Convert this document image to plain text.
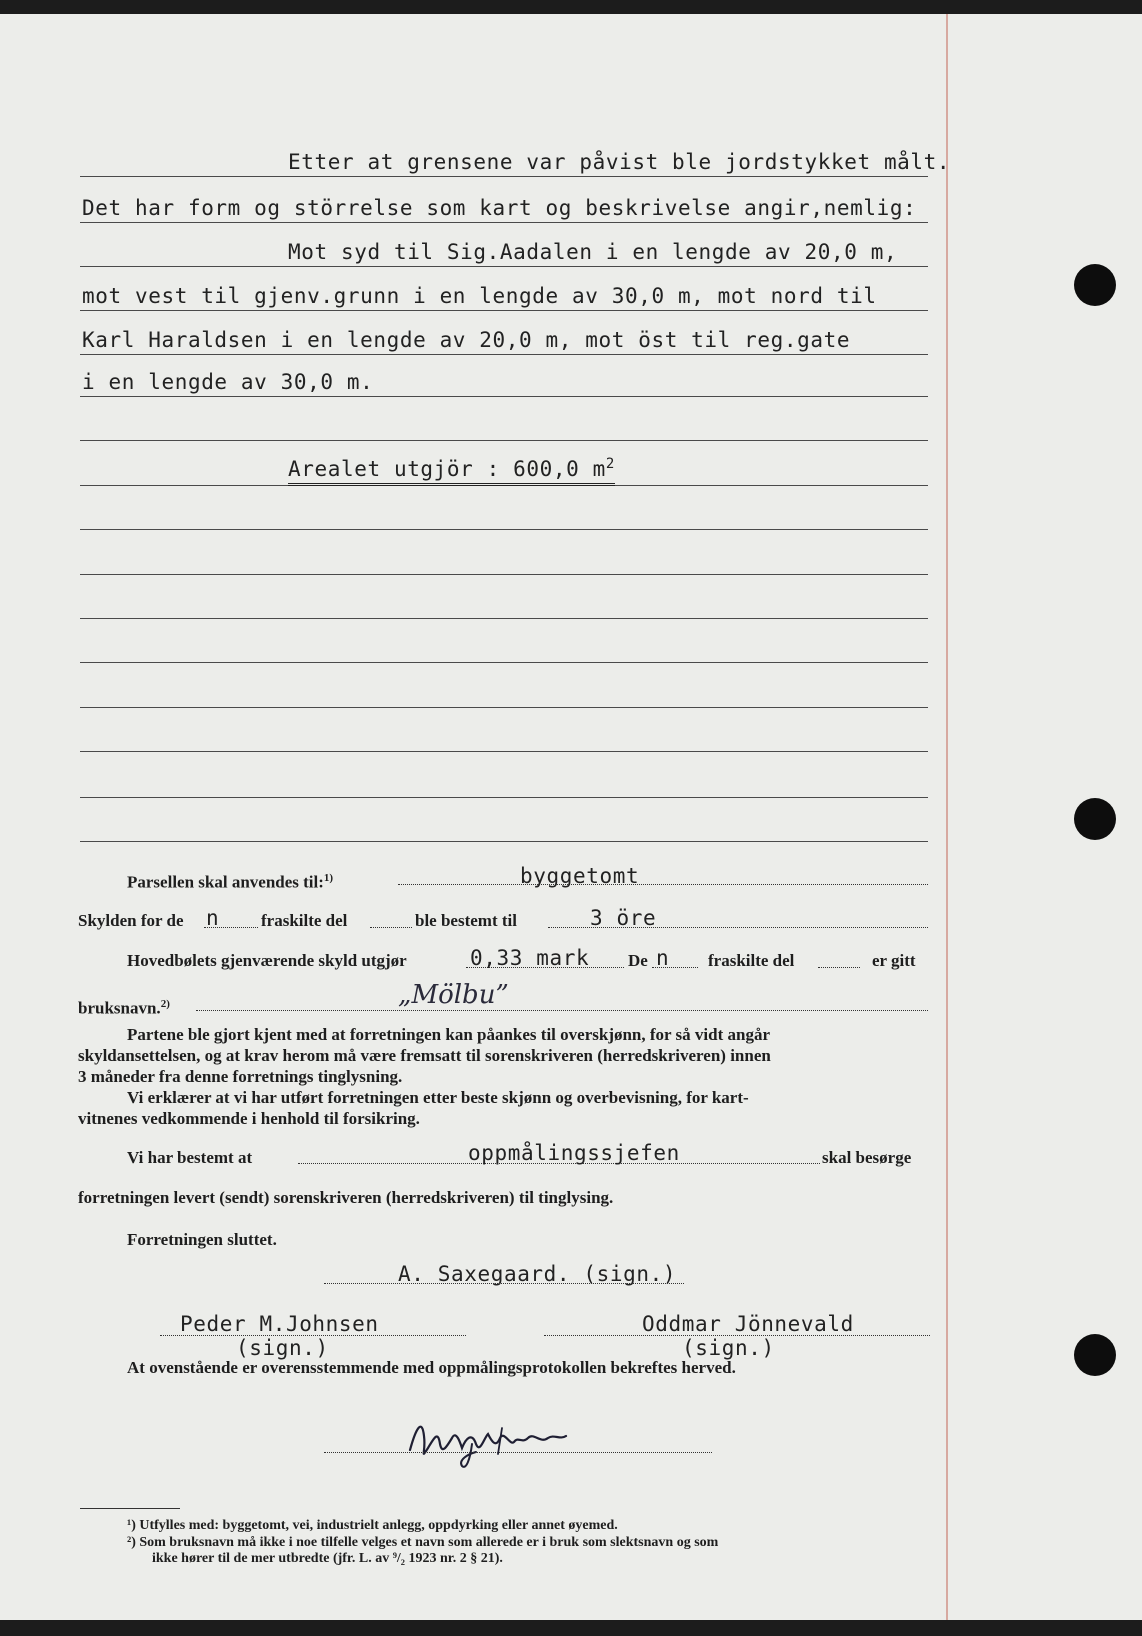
Etter at grensene var påvist ble jordstykket målt.
Det har form og störrelse som kart og beskrivelse angir,nemlig:
Mot syd til Sig.Aadalen i en lengde av 20,0 m,
mot vest til gjenv.grunn i en lengde av 30,0 m, mot nord til
Karl Haraldsen i en lengde av 20,0 m, mot öst til reg.gate
i en lengde av 30,0 m.
Arealet utgjör : 600,0 $m^2$
Parsellen skal anvendes til:$^{1)}$	byggetomt
Skylden for de n fraskilte del	ble bestemt til	3 öre
Hovedbølets gjenværende skyld utgjør	0,33 mark De n fraskilte del	er gitt
bruksnavn.$^{2)}$	„Mölbu”
Partene ble gjort kjent med at forretningen kan påankes til overskjønn, for så vidt angår
skyldansettelsen, og at krav herom må være fremsatt til sorenskriveren (herredskriveren) innen
3 måneder fra denne forretnings tinglysning.
Vi erklærer at vi har utført forretningen etter beste skjønn og overbevisning, for kart-
vitnenes vedkommende i henhold til forsikring.
Vi har bestemt at	oppmålingssjefen	skal besørge
forretningen levert (sendt) sorenskriveren (herredskriveren) til tinglysing.
Forretningen sluttet.
A. Saxegaard. (sign.)
Peder M.Johnsen
(sign.)
Oddmar Jönnevald
(sign.)
At ovenstående er overensstemmende med oppmålingsprotokollen bekreftes herved.
¹) Utfylles med: byggetomt, vei, industrielt anlegg, oppdyrking eller annet øyemed.
²) Som bruksnavn må ikke i noe tilfelle velges et navn som allerede er i bruk som slektsnavn og som
ikke hører til de mer utbredte (jfr. L. av ⁹/₂ 1923 nr. 2 § 21).
